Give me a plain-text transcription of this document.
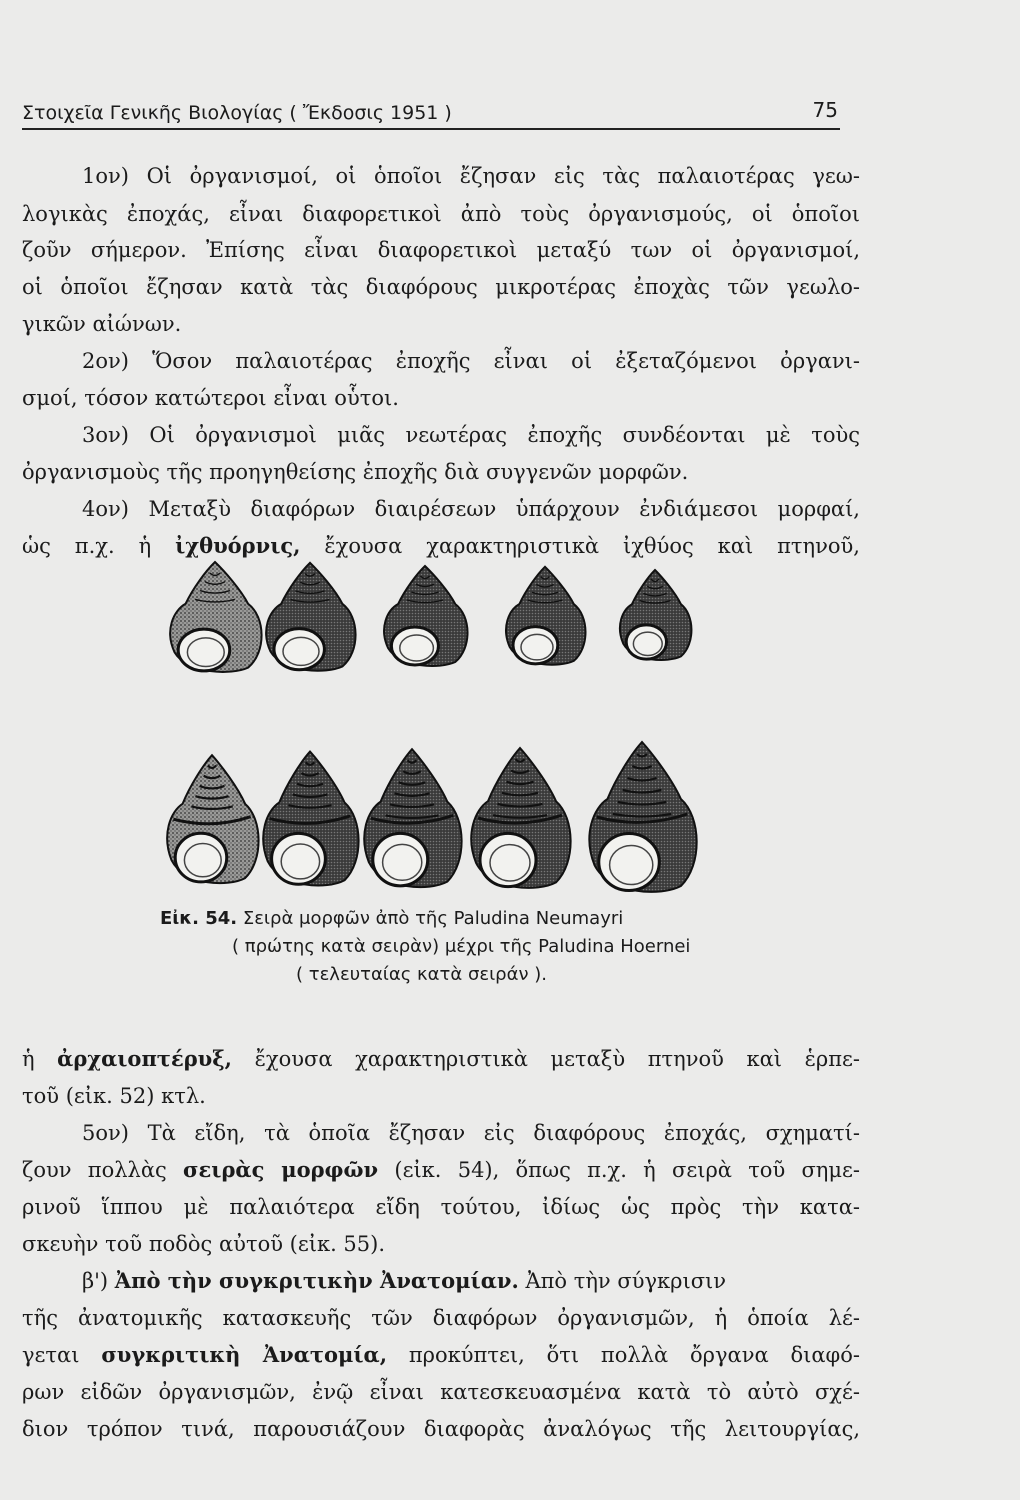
Στοιχεῖα Γενικῆς Βιολογίας ( Ἔκδοσις 1951 )	75
1ον) Οἱ ὀργανισμοί, οἱ ὁποῖοι ἔζησαν εἰς τὰς παλαιοτέρας γεω-
λογικὰς ἐποχάς, εἶναι διαφορετικοὶ ἀπὸ τοὺς ὀργανισμούς, οἱ ὁποῖοι
ζοῦν σήμερον. Ἐπίσης εἶναι διαφορετικοὶ μεταξύ των οἱ ὀργανισμοί,
οἱ ὁποῖοι ἔζησαν κατὰ τὰς διαφόρους μικροτέρας ἐποχὰς τῶν γεωλο-
γικῶν αἰώνων.
2ον) Ὅσον παλαιοτέρας ἐποχῆς εἶναι οἱ ἐξεταζόμενοι ὀργανι-
σμοί, τόσον κατώτεροι εἶναι οὗτοι.
3ον) Οἱ ὀργανισμοὶ μιᾶς νεωτέρας ἐποχῆς συνδέονται μὲ τοὺς
ὀργανισμοὺς τῆς προηγηθείσης ἐποχῆς διὰ συγγενῶν μορφῶν.
4ον) Μεταξὺ διαφόρων διαιρέσεων ὑπάρχουν ἐνδιάμεσοι μορφαί,
ὡς π.χ. ἡ ἰχθυόρνις, ἔχουσα χαρακτηριστικὰ ἰχθύος καὶ πτηνοῦ,
Εἰκ. 54. Σειρὰ μορφῶν ἀπὸ τῆς Paludina Neumayri
( πρώτης κατὰ σειρὰν) μέχρι τῆς Paludina Hoernei
( τελευταίας κατὰ σειράν ).
ἡ ἀρχαιοπτέρυξ, ἔχουσα χαρακτηριστικὰ μεταξὺ πτηνοῦ καὶ ἑρπε-
τοῦ (εἰκ. 52) κτλ.
5ον) Τὰ εἴδη, τὰ ὁποῖα ἔζησαν εἰς διαφόρους ἐποχάς, σχηματί-
ζουν πολλὰς σειρὰς μορφῶν (εἰκ. 54), ὅπως π.χ. ἡ σειρὰ τοῦ σημε-
ρινοῦ ἵππου μὲ παλαιότερα εἴδη τούτου, ἰδίως ὡς πρὸς τὴν κατα-
σκευὴν τοῦ ποδὸς αὐτοῦ (εἰκ. 55).
β') Ἀπὸ τὴν συγκριτικὴν Ἀνατομίαν. Ἀπὸ τὴν σύγκρισιν
τῆς ἀνατομικῆς κατασκευῆς τῶν διαφόρων ὀργανισμῶν, ἡ ὁποία λέ-
γεται συγκριτικὴ Ἀνατομία, προκύπτει, ὅτι πολλὰ ὄργανα διαφό-
ρων εἰδῶν ὀργανισμῶν, ἐνῷ εἶναι κατεσκευασμένα κατὰ τὸ αὐτὸ σχέ-
διον τρόπον τινά, παρουσιάζουν διαφορὰς ἀναλόγως τῆς λειτουργίας,
